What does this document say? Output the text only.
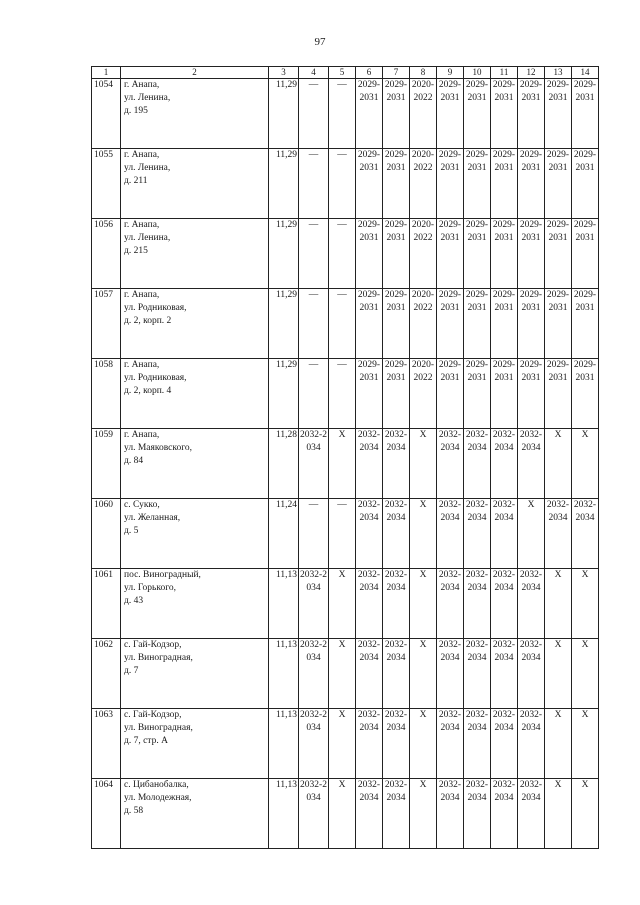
97
1	2	3	4	5	6	7	8	9	10	11	12	13	14
1054	г. Анапа,
ул. Ленина,
д. 195	11,29	—	—	2029-2031	2029-2031	2020-2022	2029-2031	2029-2031	2029-2031	2029-2031	2029-2031	2029-2031
1055	г. Анапа,
ул. Ленина,
д. 211	11,29	—	—	2029-2031	2029-2031	2020-2022	2029-2031	2029-2031	2029-2031	2029-2031	2029-2031	2029-2031
1056	г. Анапа,
ул. Ленина,
д. 215	11,29	—	—	2029-2031	2029-2031	2020-2022	2029-2031	2029-2031	2029-2031	2029-2031	2029-2031	2029-2031
1057	г. Анапа,
ул. Родниковая,
д. 2, корп. 2	11,29	—	—	2029-2031	2029-2031	2020-2022	2029-2031	2029-2031	2029-2031	2029-2031	2029-2031	2029-2031
1058	г. Анапа,
ул. Родниковая,
д. 2, корп. 4	11,29	—	—	2029-2031	2029-2031	2020-2022	2029-2031	2029-2031	2029-2031	2029-2031	2029-2031	2029-2031
1059	г. Анапа,
ул. Маяковского,
д. 84	11,28	2032-2034	X	2032-2034	2032-2034	X	2032-2034	2032-2034	2032-2034	2032-2034	X	X
1060	с. Сукко,
ул. Желанная,
д. 5	11,24	—	—	2032-2034	2032-2034	X	2032-2034	2032-2034	2032-2034	X	2032-2034	2032-2034
1061	пос. Виноградный,
ул. Горького,
д. 43	11,13	2032-2034	X	2032-2034	2032-2034	X	2032-2034	2032-2034	2032-2034	2032-2034	X	X
1062	с. Гай-Кодзор,
ул. Виноградная,
д. 7	11,13	2032-2034	X	2032-2034	2032-2034	X	2032-2034	2032-2034	2032-2034	2032-2034	X	X
1063	с. Гай-Кодзор,
ул. Виноградная,
д. 7, стр. А	11,13	2032-2034	X	2032-2034	2032-2034	X	2032-2034	2032-2034	2032-2034	2032-2034	X	X
1064	с. Цибанобалка,
ул. Молодежная,
д. 58	11,13	2032-2034	X	2032-2034	2032-2034	X	2032-2034	2032-2034	2032-2034	2032-2034	X	X
